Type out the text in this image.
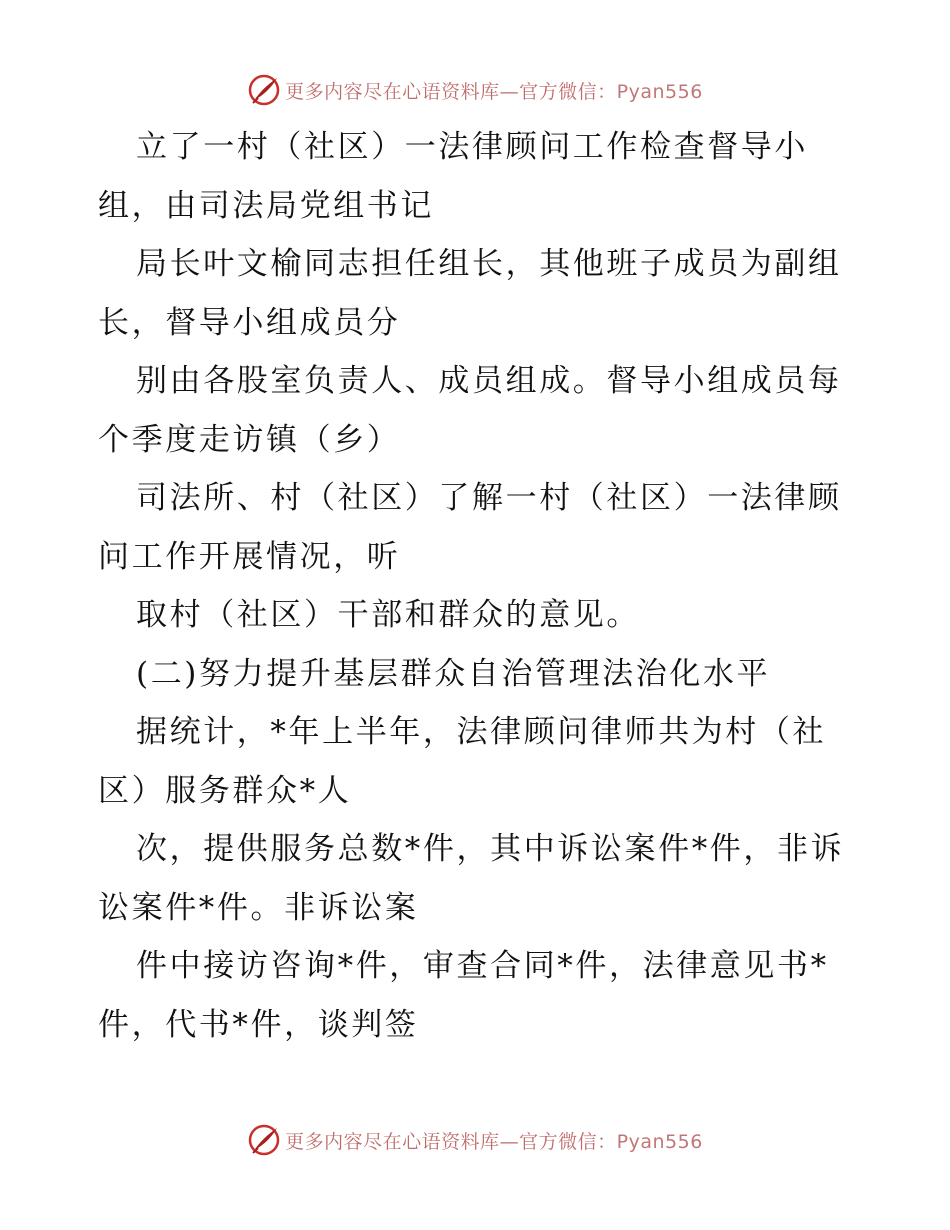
更多内容尽在心语资料库—官方微信：Pyan556
立了一村（社区）一法律顾问工作检查督导小
组，由司法局党组书记
局长叶文榆同志担任组长，其他班子成员为副组
长，督导小组成员分
别由各股室负责人、成员组成。督导小组成员每
个季度走访镇（乡）
司法所、村（社区）了解一村（社区）一法律顾
问工作开展情况，听
取村（社区）干部和群众的意见。
(二)努力提升基层群众自治管理法治化水平
据统计，*年上半年，法律顾问律师共为村（社
区）服务群众*人
次，提供服务总数*件，其中诉讼案件*件，非诉
讼案件*件。非诉讼案
件中接访咨询*件，审查合同*件，法律意见书*
件，代书*件，谈判签
更多内容尽在心语资料库—官方微信：Pyan556
